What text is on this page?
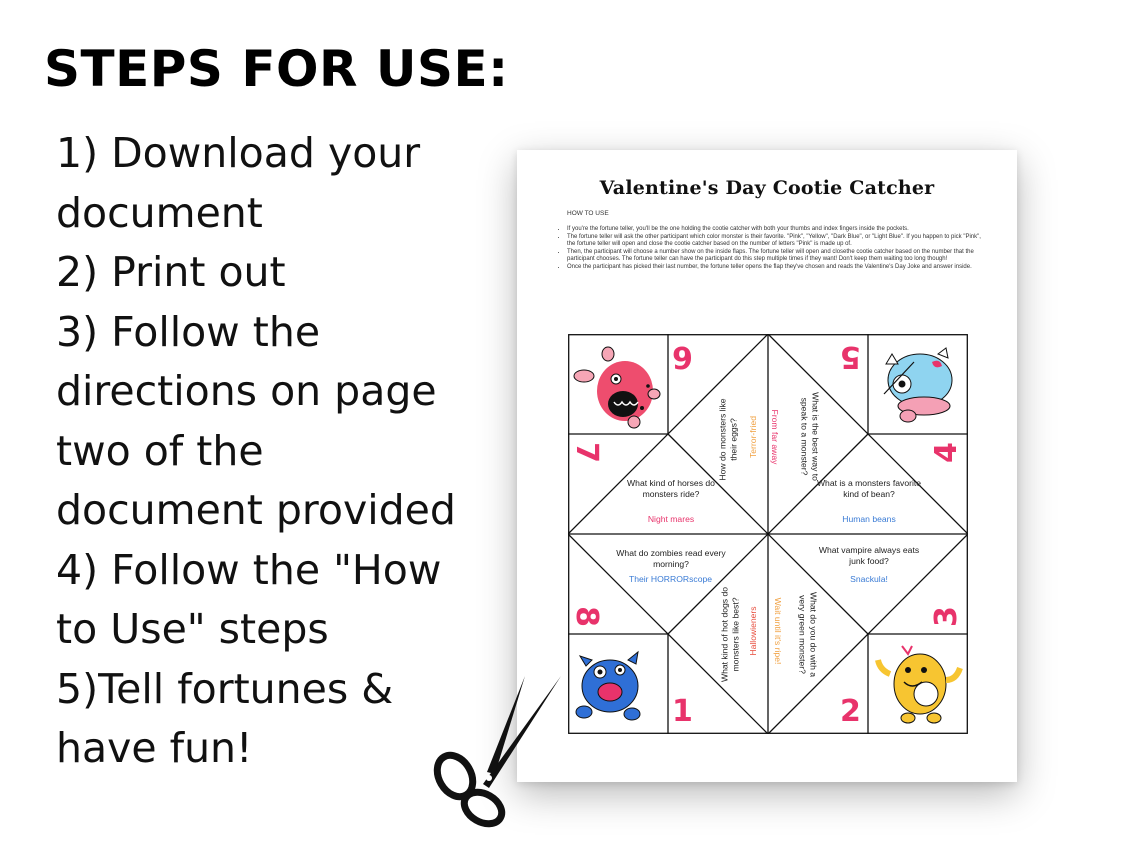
STEPS FOR USE:
1) Download your
document
2) Print out
3) Follow the
directions on page
two of the
document provided
4) Follow the "How
to Use" steps
5)Tell fortunes &
have fun!
Valentine's Day Cootie Catcher
HOW TO USE
• If you're the fortune teller, you'll be the one holding the cootie catcher with both your thumbs and index fingers inside the pockets.
• The fortune teller will ask the other participant which color monster is their favorite. "Pink", "Yellow", "Dark Blue", or "Light Blue". If you happen to pick "Pink", the fortune teller will open and close the cootie catcher based on the number of letters "Pink" is made up of.
• Then, the participant will choose a number show on the inside flaps. The fortune teller will open and closethe cootie catcher based on the number that the participant chooses. The fortune teller can have the participant do this step multiple times if they want! Don't keep them waiting too long though!
• Once the participant has picked their last number, the fortune teller opens the flap they've chosen and reads the Valentine's Day Joke and answer inside.
6	5
7	4
8	3
1	2
How do monsters like their eggs? Terror-fried	What is the best way to speak to a monster?
From far away
What kind of horses do monsters ride?
Night mares
What is a monsters favorite kind of bean?
Human beans
What do zombies read every morning?
Their HORRORscope
What vampire always eats junk food?
Snackula!
What kind of hot dogs do monsters like best? Hallowieners	What do you do with a very green monster?
Wait until it's ripe!
